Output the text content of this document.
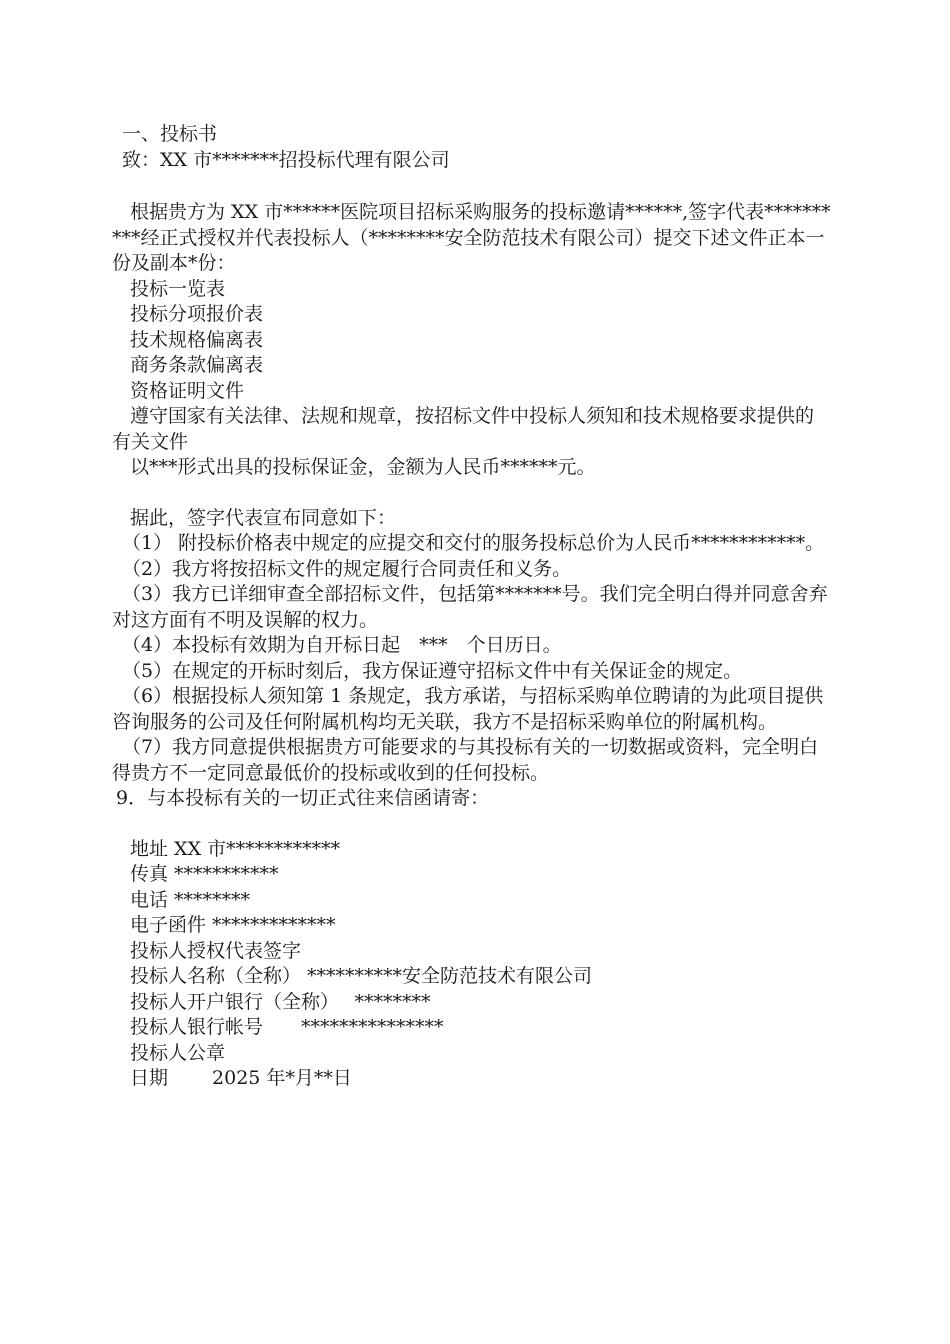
一、投标书
致：XX 市*******招投标代理有限公司
根据贵方为 XX 市******医院项目招标采购服务的投标邀请******,签字代表**********经正式授权并代表投标人（********安全防范技术有限公司）提交下述文件正本一份及副本*份：
投标一览表
投标分项报价表
技术规格偏离表
商务条款偏离表
资格证明文件
遵守国家有关法律、法规和规章，按招标文件中投标人须知和技术规格要求提供的有关文件
以***形式出具的投标保证金，金额为人民币******元。
据此，签字代表宣布同意如下：
（1） 附投标价格表中规定的应提交和交付的服务投标总价为人民币************。
（2）我方将按招标文件的规定履行合同责任和义务。
（3）我方已详细审查全部招标文件，包括第*******号。我们完全明白得并同意舍弃对这方面有不明及误解的权力。
（4）本投标有效期为自开标日起　***　个日历日。
（5）在规定的开标时刻后，我方保证遵守招标文件中有关保证金的规定。
（6）根据投标人须知第 1 条规定，我方承诺，与招标采购单位聘请的为此项目提供咨询服务的公司及任何附属机构均无关联，我方不是招标采购单位的附属机构。
（7）我方同意提供根据贵方可能要求的与其投标有关的一切数据或资料，完全明白得贵方不一定同意最低价的投标或收到的任何投标。
9．与本投标有关的一切正式往来信函请寄：
地址 XX 市************
传真 ***********
电话 ********
电子函件 *************
投标人授权代表签字
投标人名称（全称） **********安全防范技术有限公司
投标人开户银行（全称）　 ********
投标人银行帐号　　***************
投标人公章
日期　　 2025 年*月**日
